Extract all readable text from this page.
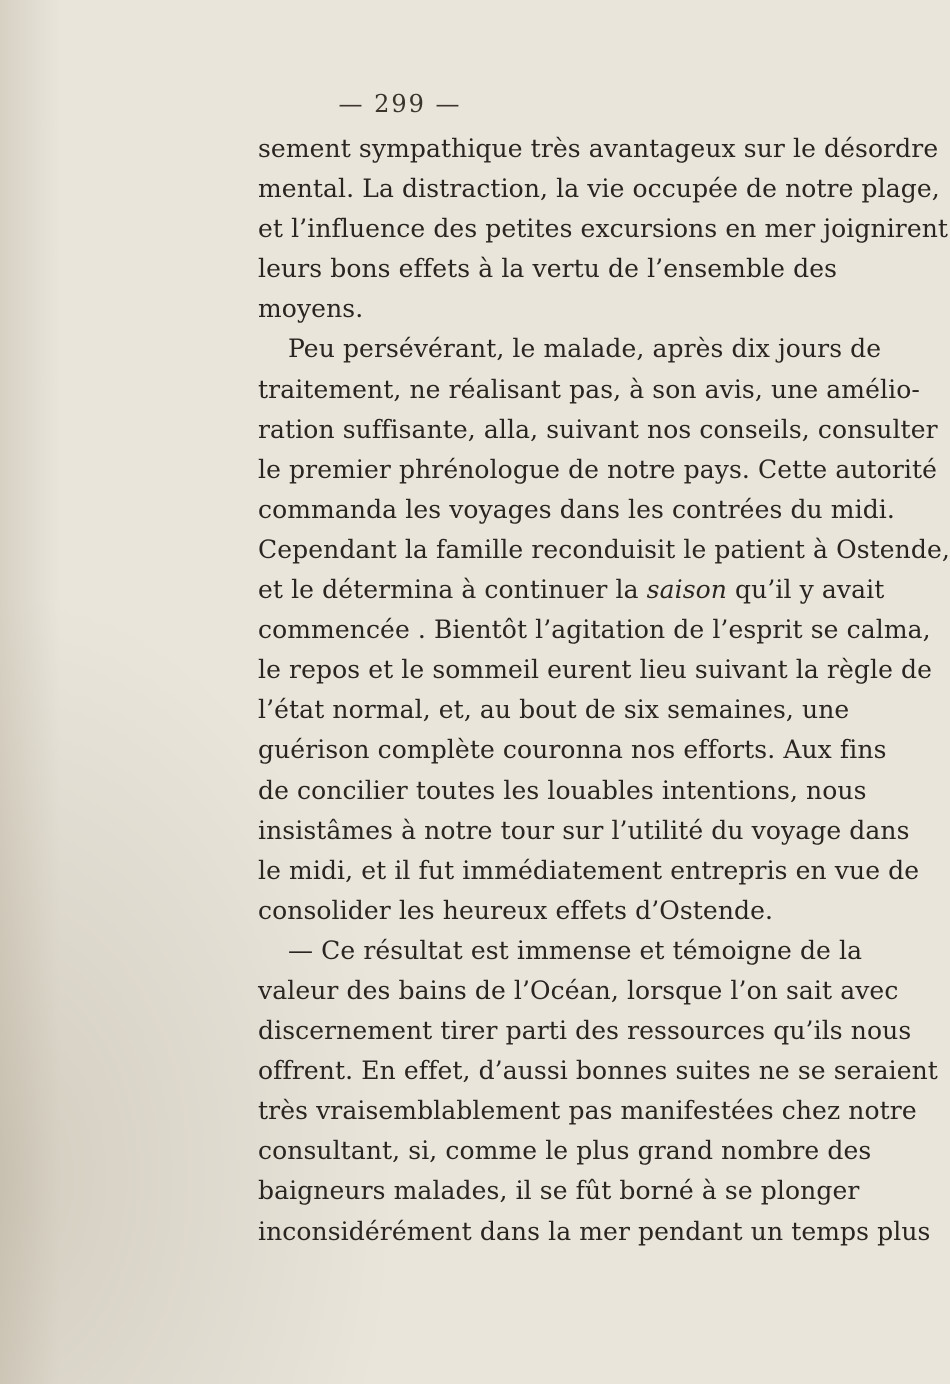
— 299 —
sement sympathique très avantageux sur le désordre
mental. La distraction, la vie occupée de notre plage,
et l’influence des petites excursions en mer joignirent
leurs bons effets à la vertu de l’ensemble des
moyens.
Peu persévérant, le malade, après dix jours de
traitement, ne réalisant pas, à son avis, une amélio-
ration suffisante, alla, suivant nos conseils, consulter
le premier phrénologue de notre pays. Cette autorité
commanda les voyages dans les contrées du midi.
Cependant la famille reconduisit le patient à Ostende,
et le détermina à continuer la saison qu’il y avait
commencée . Bientôt l’agitation de l’esprit se calma,
le repos et le sommeil eurent lieu suivant la règle de
l’état normal, et, au bout de six semaines, une
guérison complète couronna nos efforts. Aux fins
de concilier toutes les louables intentions, nous
insistâmes à notre tour sur l’utilité du voyage dans
le midi, et il fut immédiatement entrepris en vue de
consolider les heureux effets d’Ostende.
— Ce résultat est immense et témoigne de la
valeur des bains de l’Océan, lorsque l’on sait avec
discernement tirer parti des ressources qu’ils nous
offrent. En effet, d’aussi bonnes suites ne se seraient
très vraisemblablement pas manifestées chez notre
consultant, si, comme le plus grand nombre des
baigneurs malades, il se fût borné à se plonger
inconsidérément dans la mer pendant un temps plus
